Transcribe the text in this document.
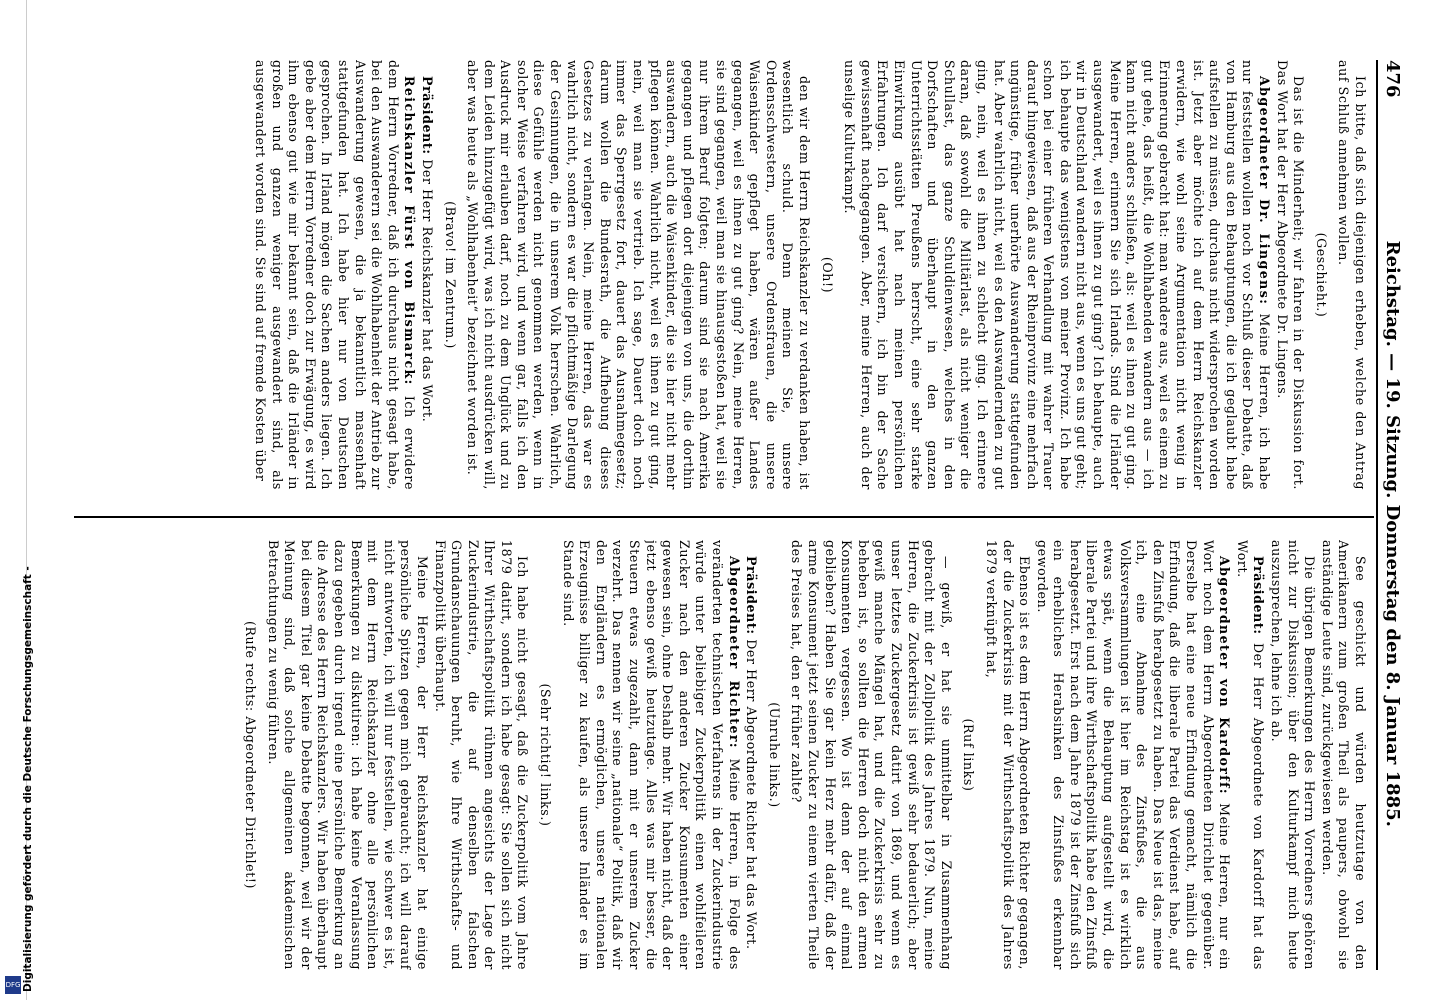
476
Reichstag. — 19. Sitzung. Donnerstag den 8. Januar 1885.

Ich bitte, daß sich diejenigen erheben, welche den Antrag auf Schluß annehmen wollen.

(Geschieht.)

Das ist die Minderheit; wir fahren in der Diskussion fort. Das Wort hat der Herr Abgeordnete Dr. Lingens.

Abgeordneter Dr. Lingens: Meine Herren, ich habe nur feststellen wollen noch vor Schluß dieser Debatte, daß von Hamburg aus den Behauptungen, die ich geglaubt habe aufstellen zu müssen, durchaus nicht widersprochen worden ist. Jetzt aber möchte ich auf dem Herrn Reichskanzler erwidern, wie wohl seine Argumentation nicht wenig in Erinnerung gebracht hat: man wandere aus, weil es einem zu gut gehe, das heißt, die Wohlhabenden wandern aus — ich kann nicht anders schließen, als: weil es ihnen zu gut ging. Meine Herren, erinnern Sie sich Irlands. Sind die Irländer ausgewandert, weil es ihnen zu gut ging? Ich behaupte, auch wir in Deutschland wandern nicht aus, wenn es uns gut geht; ich behaupte das wenigstens von meiner Provinz. Ich habe schon bei einer früheren Verhandlung mit wahrer Trauer darauf hingewiesen, daß aus der Rheinprovinz eine mehrfach ungünstige, früher unerhörte Auswanderung stattgefunden hat. Aber wahrlich nicht, weil es den Auswandernden zu gut ging, nein, weil es ihnen zu schlecht ging. Ich erinnere daran, daß sowohl die Militärlast, als nicht weniger die Schullast, das ganze Schuldienwesen, welches in den Dorfschaften und überhaupt in den ganzen Unterrichtsstätten Preußens herrscht, eine sehr starke Einwirkung ausübt hat nach meinen persönlichen Erfahrungen. Ich darf versichern, ich bin der Sache gewissenhaft nachgegangen. Aber, meine Herren, auch der unselige Kulturkampf.

(Oh!)

den wir dem Herrn Reichskanzler zu verdanken haben, ist wesentlich schuld. Denn meinen Sie, unsere Ordensschwestern, unsere Ordensfrauen, die unsere Waisenkinder gepflegt haben, wären außer Landes gegangen, weil es ihnen zu gut ging? Nein, meine Herren, sie sind gegangen, weil man sie hinausgestoßen hat, weil sie nur ihrem Beruf folgten; darum sind sie nach Amerika gegangen und pflegen dort diejenigen von uns, die dorthin auswandern, auch die Waisenkinder, die sie hier nicht mehr pflegen können. Wahrlich nicht, weil es ihnen zu gut ging, nein, weil man sie vertrieb. Ich sage, Dauert doch noch immer das Sperrgesetz fort, dauert das Ausnahmegesetz; darum wollen die Bundesrath, die Aufhebung dieses Gesetzes zu verlangen. Nein, meine Herren, das war es wahrlich nicht, sondern es war die pflichtmäßige Darlegung der Gesinnungen, die in unserem Volk herrschen. Wahrlich, diese Gefühle werden nicht genommen werden, wenn in solcher Weise verfahren wird, und wenn gar, falls ich den Ausdruck mir erlauben darf, noch zu dem Unglück und zu dem Leiden hinzugefügt wird, was ich nicht ausdrücken will, aber was heute als „Wohlhabenheit“ bezeichnet worden ist.

(Bravo! im Zentrum.)

Präsident: Der Herr Reichskanzler hat das Wort.

Reichskanzler Fürst von Bismarck: Ich erwidere dem Herrn Vorredner, daß ich durchaus nicht gesagt habe, bei den Auswanderern sei die Wohlhabenheit der Antrieb zur Auswanderung gewesen, die ja bekanntlich massenhaft stattgefunden hat. Ich habe hier nur von Deutschen gesprochen. In Irland mögen die Sachen anders liegen. Ich gebe aber dem Herrn Vorredner doch zur Erwägung, es wird ihm ebenso gut wie mir bekannt sein, daß die Irländer in großen und ganzen weniger ausgewandert sind, als ausgewandert worden sind. Sie sind auf fremde Kosten über

See geschickt und würden heutzutage von den Amerikanern zum großen Theil als paupers, obwohl sie anständige Leute sind, zurückgewiesen werden.

Die übrigen Bemerkungen des Herrn Vorredners gehören nicht zur Diskussion; über den Kulturkampf mich heute auszusprechen, lehne ich ab.

Präsident: Der Herr Abgeordnete von Kardorff hat das Wort.

Abgeordneter von Kardorff: Meine Herren, nur ein Wort noch dem Herrn Abgeordneten Dirichlet gegenüber. Derselbe hat eine neue Erfindung gemacht, nämlich die Erfindung, daß die liberale Partei das Verdienst habe, auf den Zinsfuß herabgesetzt zu haben. Das Neue ist das, meine ich, eine Abnahme des Zinsfußes, die aus Volksversammlungen ist hier im Reichstag ist es wirklich etwas spät, wenn die Behauptung aufgestellt wird, die liberale Partei und ihre Wirthschaftspolitik habe den Zinsfuß herabgesetzt. Erst nach dem Jahre 1879 ist der Zinsfuß sich ein erhebliches Herabsinken des Zinsfußes erkennbar geworden.

Ebenso ist es dem Herrn Abgeordneten Richter gegangen, der die Zuckerkrisis mit der Wirthschaftspolitik des Jahres 1879 verknüpft hat,

(Ruf links)

— gewiß, er hat sie unmittelbar in Zusammenhang gebracht mit der Zollpolitik des Jahres 1879. Nun, meine Herren, die Zuckerkrisis ist gewiß sehr bedauerlich; aber unser letztes Zuckergesetz datirt von 1869, und wenn es gewiß manche Mängel hat, und die Zuckerkrisis sehr zu beheben ist, so sollten die Herren doch nicht den armen Konsumenten vergessen. Wo ist denn der auf einmal geblieben? Haben Sie gar kein Herz mehr dafür, daß der arme Konsument jetzt seinen Zucker zu einem vierten Theile des Preises hat, den er früher zahlte?

(Unruhe links.)

Präsident: Der Herr Abgeordnete Richter hat das Wort.

Abgeordneter Richter: Meine Herren, in Folge des veränderten technischen Verfahrens in der Zuckerindustrie würde unter beliebiger Zuckerpolitik einen wohlfeileren Zucker nach den anderen Zucker Konsumenten einer gewesen sein, ohne Deshalb mehr. Wir haben nicht, daß der jetzt ebenso gewiß heutzutage. Alles was mir besser, die Steuern etwas zugezahlt, dann mit er unserem Zucker verzehrt. Das nennen wir seine „nationale“ Politik, daß wir den Engländern es ermöglichen, unsere nationalen Erzeugnisse billiger zu kaufen, als unsere Inländer es im Stande sind.

(Sehr richtig! links.)

Ich habe nicht gesagt, daß die Zuckerpolitik vom Jahre 1879 datirt, sondern ich habe gesagt: Sie sollen sich nicht Ihrer Wirthschaftspolitik rühmen angesichts der Lage der Zuckerindustrie, die auf denselben falschen Grundanschauungen beruht, wie Ihre Wirthschafts- und Finanzpolitik überhaupt.

Meine Herren, der Herr Reichskanzler hat einige persönliche Spitzen gegen mich gebraucht; ich will darauf nicht antworten, ich will nur feststellen, wie schwer es ist, mit dem Herrn Reichskanzler ohne alle persönlichen Bemerkungen zu diskutiren: ich habe keine Veranlassung dazu gegeben durch irgend eine persönliche Bemerkung an die Adresse des Herrn Reichskanzlers. Wir haben überhaupt bei diesem Titel gar keine Debatte begonnen, weil wir der Meinung sind, daß solche allgemeinen akademischen Betrachtungen zu wenig führen.

(Rufe rechts: Abgeordneter Dirichlet!)

Digitalisierung gefördert durch die Deutsche Forschungsgemeinschaft -
DFG
